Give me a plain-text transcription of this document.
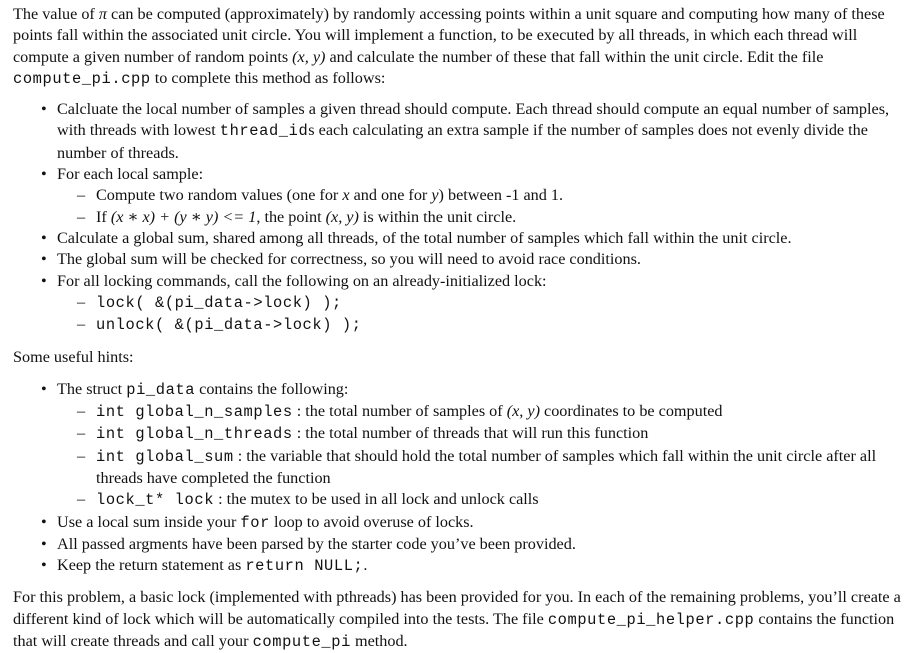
The value of π can be computed (approximately) by randomly accessing points within a unit square and computing how many of these points fall within the associated unit circle. You will implement a function, to be executed by all threads, in which each thread will compute a given number of random points (x, y) and calculate the number of these that fall within the unit circle. Edit the file compute_pi.cpp to complete this method as follows:

• Calcluate the local number of samples a given thread should compute. Each thread should compute an equal number of samples, with threads with lowest thread_ids each calculating an extra sample if the number of samples does not evenly divide the number of threads.
• For each local sample:
– Compute two random values (one for x and one for y) between -1 and 1.
– If (x ∗ x) + (y ∗ y) <= 1, the point (x, y) is within the unit circle.
• Calculate a global sum, shared among all threads, of the total number of samples which fall within the unit circle.
• The global sum will be checked for correctness, so you will need to avoid race conditions.
• For all locking commands, call the following on an already-initialized lock:
– lock( &(pi_data->lock) );
– unlock( &(pi_data->lock) );

Some useful hints:

• The struct pi_data contains the following:
– int global_n_samples : the total number of samples of (x, y) coordinates to be computed
– int global_n_threads : the total number of threads that will run this function
– int global_sum : the variable that should hold the total number of samples which fall within the unit circle after all threads have completed the function
– lock_t* lock : the mutex to be used in all lock and unlock calls
• Use a local sum inside your for loop to avoid overuse of locks.
• All passed argments have been parsed by the starter code you’ve been provided.
• Keep the return statement as return NULL;.

For this problem, a basic lock (implemented with pthreads) has been provided for you. In each of the remaining problems, you’ll create a different kind of lock which will be automatically compiled into the tests. The file compute_pi_helper.cpp contains the function that will create threads and call your compute_pi method.
